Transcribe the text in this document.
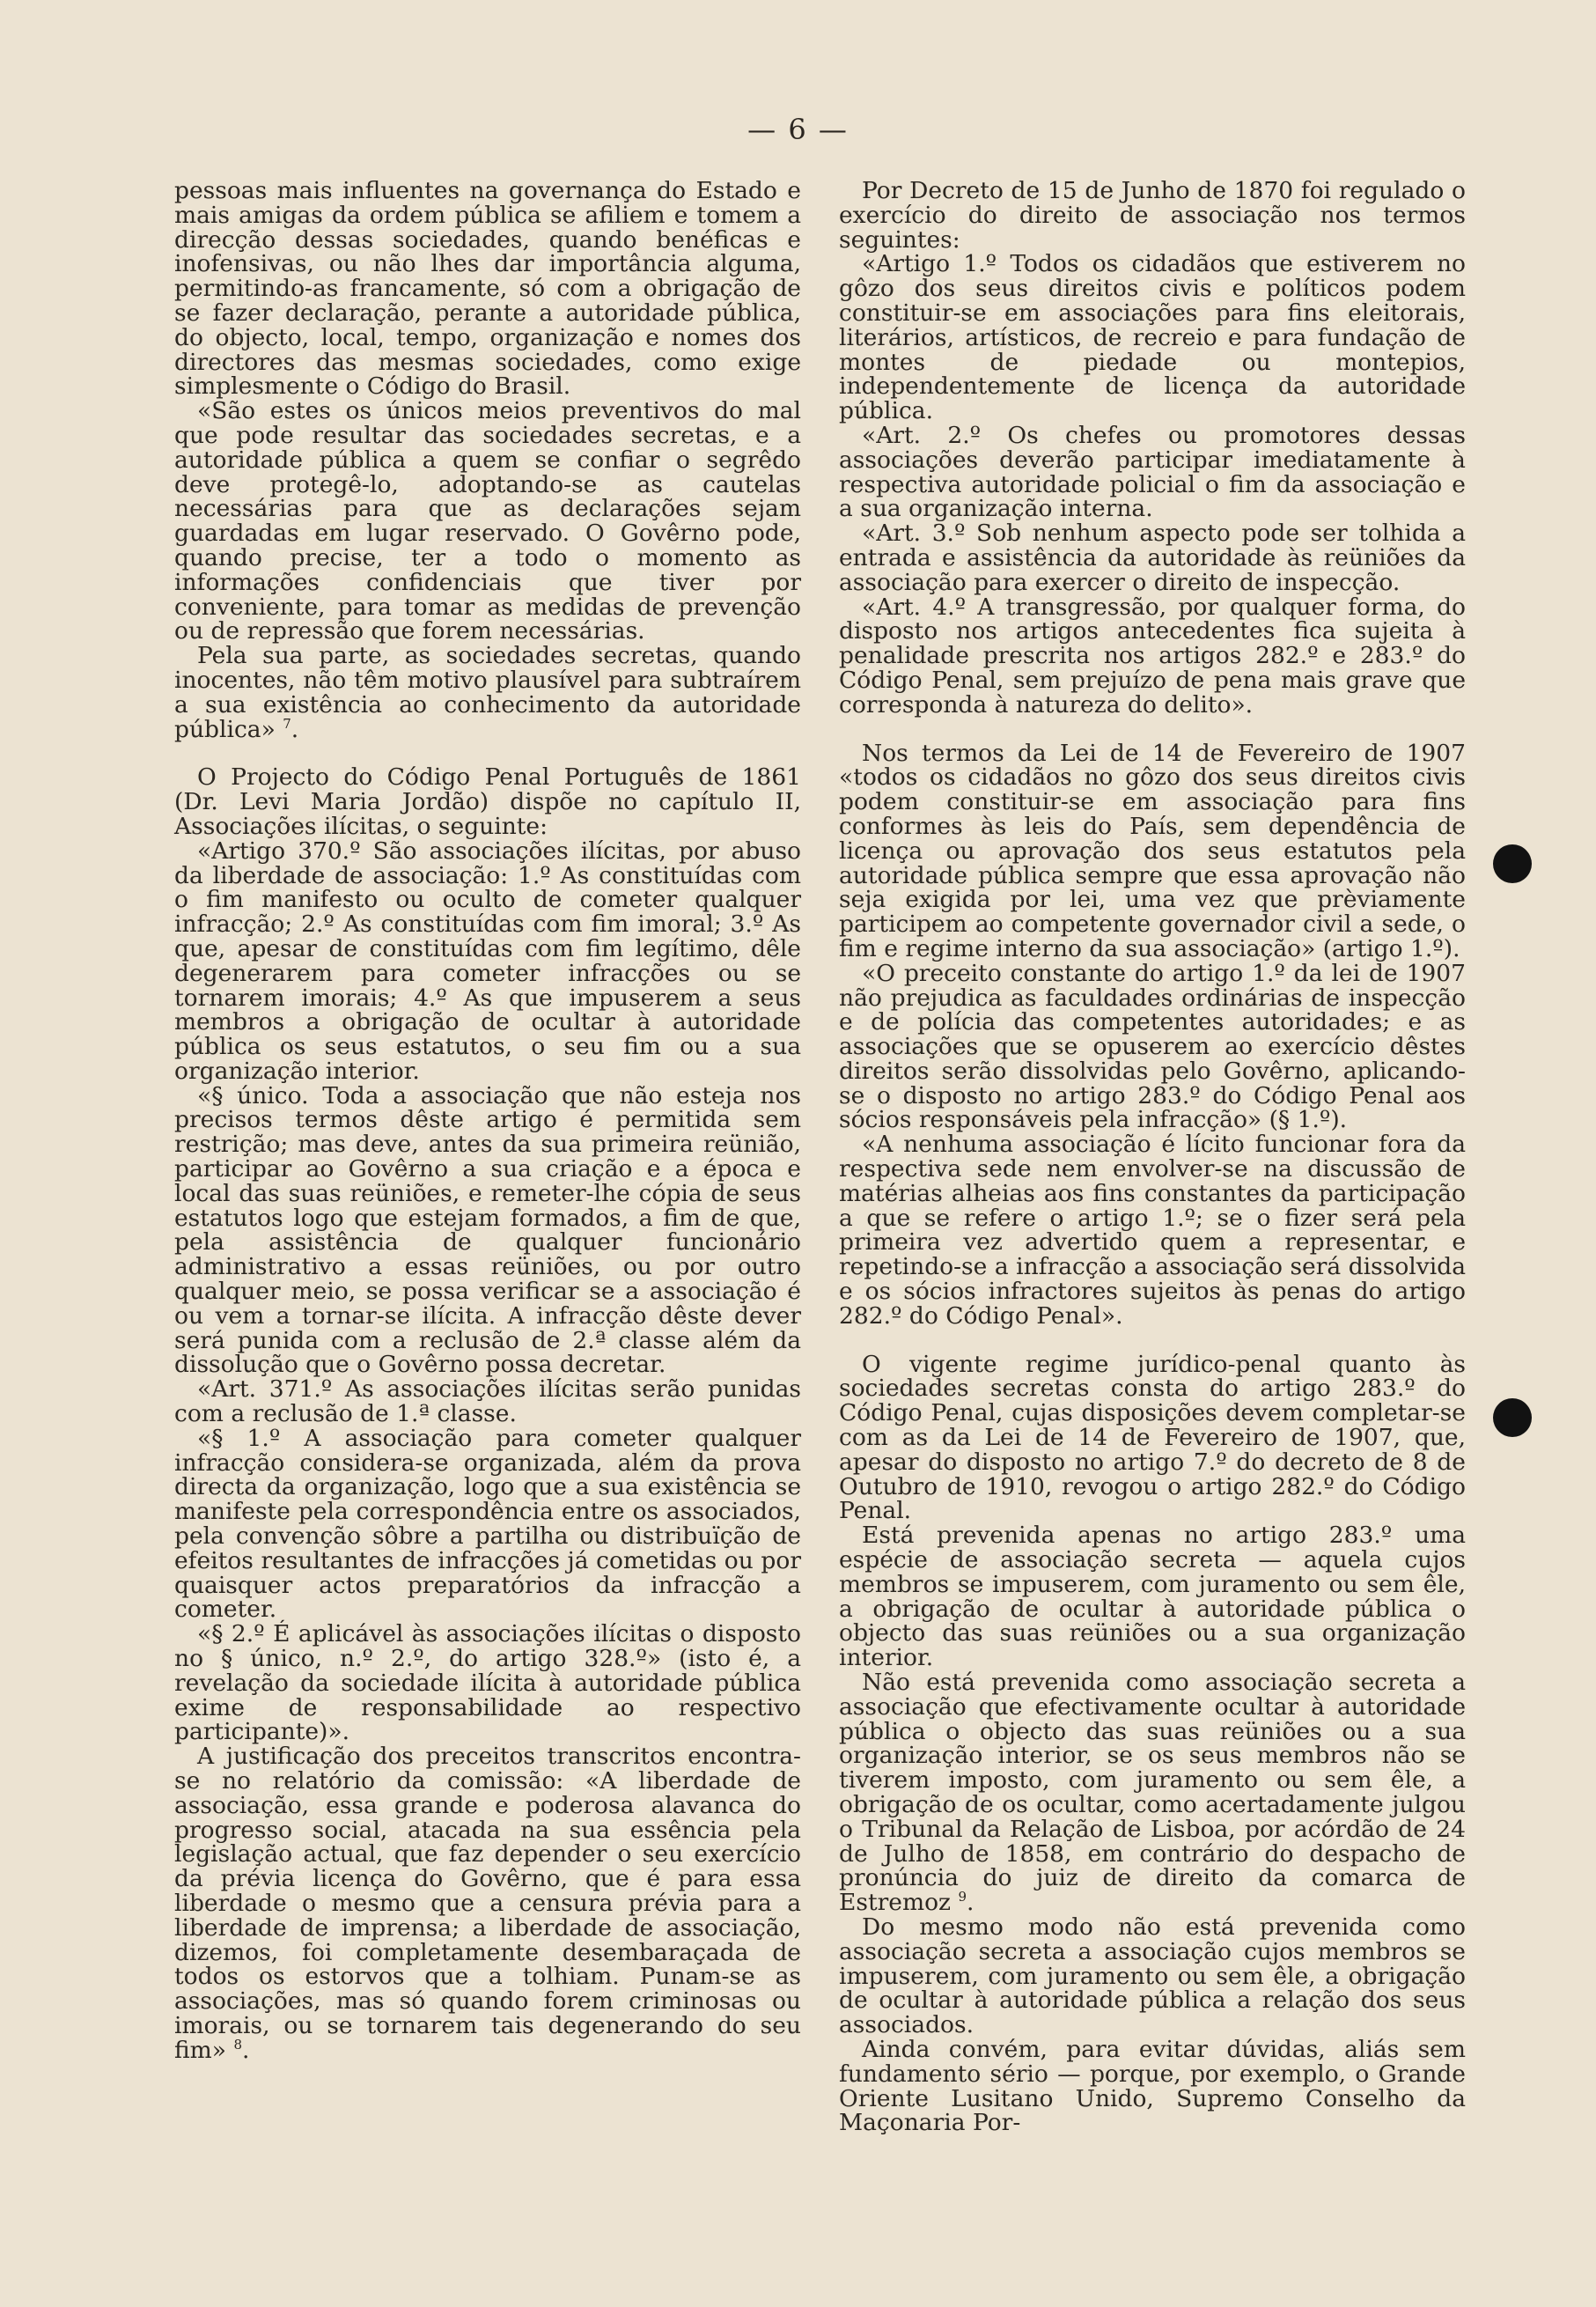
— 6 —

pessoas mais influentes na governança do Estado e mais amigas da ordem pública se afiliem e tomem a direcção dessas sociedades, quando benéficas e inofensivas, ou não lhes dar importância alguma, permitindo-as francamente, só com a obrigação de se fazer declaração, perante a autoridade pública, do objecto, local, tempo, organização e nomes dos directores das mesmas sociedades, como exige simplesmente o Código do Brasil.

«São estes os únicos meios preventivos do mal que pode resultar das sociedades secretas, e a autoridade pública a quem se confiar o segrêdo deve protegê-lo, adoptando-se as cautelas necessárias para que as declarações sejam guardadas em lugar reservado. O Govêrno pode, quando precise, ter a todo o momento as informações confidenciais que tiver por conveniente, para tomar as medidas de prevenção ou de repressão que forem necessárias.

Pela sua parte, as sociedades secretas, quando inocentes, não têm motivo plausível para subtraírem a sua existência ao conhecimento da autoridade pública» $^7$.

O Projecto do Código Penal Português de 1861 (Dr. Levi Maria Jordão) dispõe no capítulo II, Associações ilícitas, o seguinte:

«Artigo 370.º São associações ilícitas, por abuso da liberdade de associação: 1.º As constituídas com o fim manifesto ou oculto de cometer qualquer infracção; 2.º As constituídas com fim imoral; 3.º As que, apesar de constituídas com fim legítimo, dêle degenerarem para cometer infracções ou se tornarem imorais; 4.º As que impuserem a seus membros a obrigação de ocultar à autoridade pública os seus estatutos, o seu fim ou a sua organização interior.

«§ único. Toda a associação que não esteja nos precisos termos dêste artigo é permitida sem restrição; mas deve, antes da sua primeira reünião, participar ao Govêrno a sua criação e a época e local das suas reüniões, e remeter-lhe cópia de seus estatutos logo que estejam formados, a fim de que, pela assistência de qualquer funcionário administrativo a essas reüniões, ou por outro qualquer meio, se possa verificar se a associação é ou vem a tornar-se ilícita. A infracção dêste dever será punida com a reclusão de 2.ª classe além da dissolução que o Govêrno possa decretar.

«Art. 371.º As associações ilícitas serão punidas com a reclusão de 1.ª classe.

«§ 1.º A associação para cometer qualquer infracção considera-se organizada, além da prova directa da organização, logo que a sua existência se manifeste pela correspondência entre os associados, pela convenção sôbre a partilha ou distribuïção de efeitos resultantes de infracções já cometidas ou por quaisquer actos preparatórios da infracção a cometer.

«§ 2.º É aplicável às associações ilícitas o disposto no § único, n.º 2.º, do artigo 328.º» (isto é, a revelação da sociedade ilícita à autoridade pública exime de responsabilidade ao respectivo participante)».

A justificação dos preceitos transcritos encontra-se no relatório da comissão: «A liberdade de associação, essa grande e poderosa alavanca do progresso social, atacada na sua essência pela legislação actual, que faz depender o seu exercício da prévia licença do Govêrno, que é para essa liberdade o mesmo que a censura prévia para a liberdade de imprensa; a liberdade de associação, dizemos, foi completamente desembaraçada de todos os estorvos que a tolhiam. Punam-se as associações, mas só quando forem criminosas ou imorais, ou se tornarem tais degenerando do seu fim» $^8$.

Por Decreto de 15 de Junho de 1870 foi regulado o exercício do direito de associação nos termos seguintes:

«Artigo 1.º Todos os cidadãos que estiverem no gôzo dos seus direitos civis e políticos podem constituir-se em associações para fins eleitorais, literários, artísticos, de recreio e para fundação de montes de piedade ou montepios, independentemente de licença da autoridade pública.

«Art. 2.º Os chefes ou promotores dessas associações deverão participar imediatamente à respectiva autoridade policial o fim da associação e a sua organização interna.

«Art. 3.º Sob nenhum aspecto pode ser tolhida a entrada e assistência da autoridade às reüniões da associação para exercer o direito de inspecção.

«Art. 4.º A transgressão, por qualquer forma, do disposto nos artigos antecedentes fica sujeita à penalidade prescrita nos artigos 282.º e 283.º do Código Penal, sem prejuízo de pena mais grave que corresponda à natureza do delito».

Nos termos da Lei de 14 de Fevereiro de 1907 «todos os cidadãos no gôzo dos seus direitos civis podem constituir-se em associação para fins conformes às leis do País, sem dependência de licença ou aprovação dos seus estatutos pela autoridade pública sempre que essa aprovação não seja exigida por lei, uma vez que prèviamente participem ao competente governador civil a sede, o fim e regime interno da sua associação» (artigo 1.º).

«O preceito constante do artigo 1.º da lei de 1907 não prejudica as faculdades ordinárias de inspecção e de polícia das competentes autoridades; e as associações que se opuserem ao exercício dêstes direitos serão dissolvidas pelo Govêrno, aplicando-se o disposto no artigo 283.º do Código Penal aos sócios responsáveis pela infracção» (§ 1.º).

«A nenhuma associação é lícito funcionar fora da respectiva sede nem envolver-se na discussão de matérias alheias aos fins constantes da participação a que se refere o artigo 1.º; se o fizer será pela primeira vez advertido quem a representar, e repetindo-se a infracção a associação será dissolvida e os sócios infractores sujeitos às penas do artigo 282.º do Código Penal».

O vigente regime jurídico-penal quanto às sociedades secretas consta do artigo 283.º do Código Penal, cujas disposições devem completar-se com as da Lei de 14 de Fevereiro de 1907, que, apesar do disposto no artigo 7.º do decreto de 8 de Outubro de 1910, revogou o artigo 282.º do Código Penal.

Está prevenida apenas no artigo 283.º uma espécie de associação secreta — aquela cujos membros se impuserem, com juramento ou sem êle, a obrigação de ocultar à autoridade pública o objecto das suas reüniões ou a sua organização interior.

Não está prevenida como associação secreta a associação que efectivamente ocultar à autoridade pública o objecto das suas reüniões ou a sua organização interior, se os seus membros não se tiverem imposto, com juramento ou sem êle, a obrigação de os ocultar, como acertadamente julgou o Tribunal da Relação de Lisboa, por acórdão de 24 de Julho de 1858, em contrário do despacho de pronúncia do juiz de direito da comarca de Estremoz $^9$.

Do mesmo modo não está prevenida como associação secreta a associação cujos membros se impuserem, com juramento ou sem êle, a obrigação de ocultar à autoridade pública a relação dos seus associados.

Ainda convém, para evitar dúvidas, aliás sem fundamento sério — porque, por exemplo, o Grande Oriente Lusitano Unido, Supremo Conselho da Maçonaria Por-
